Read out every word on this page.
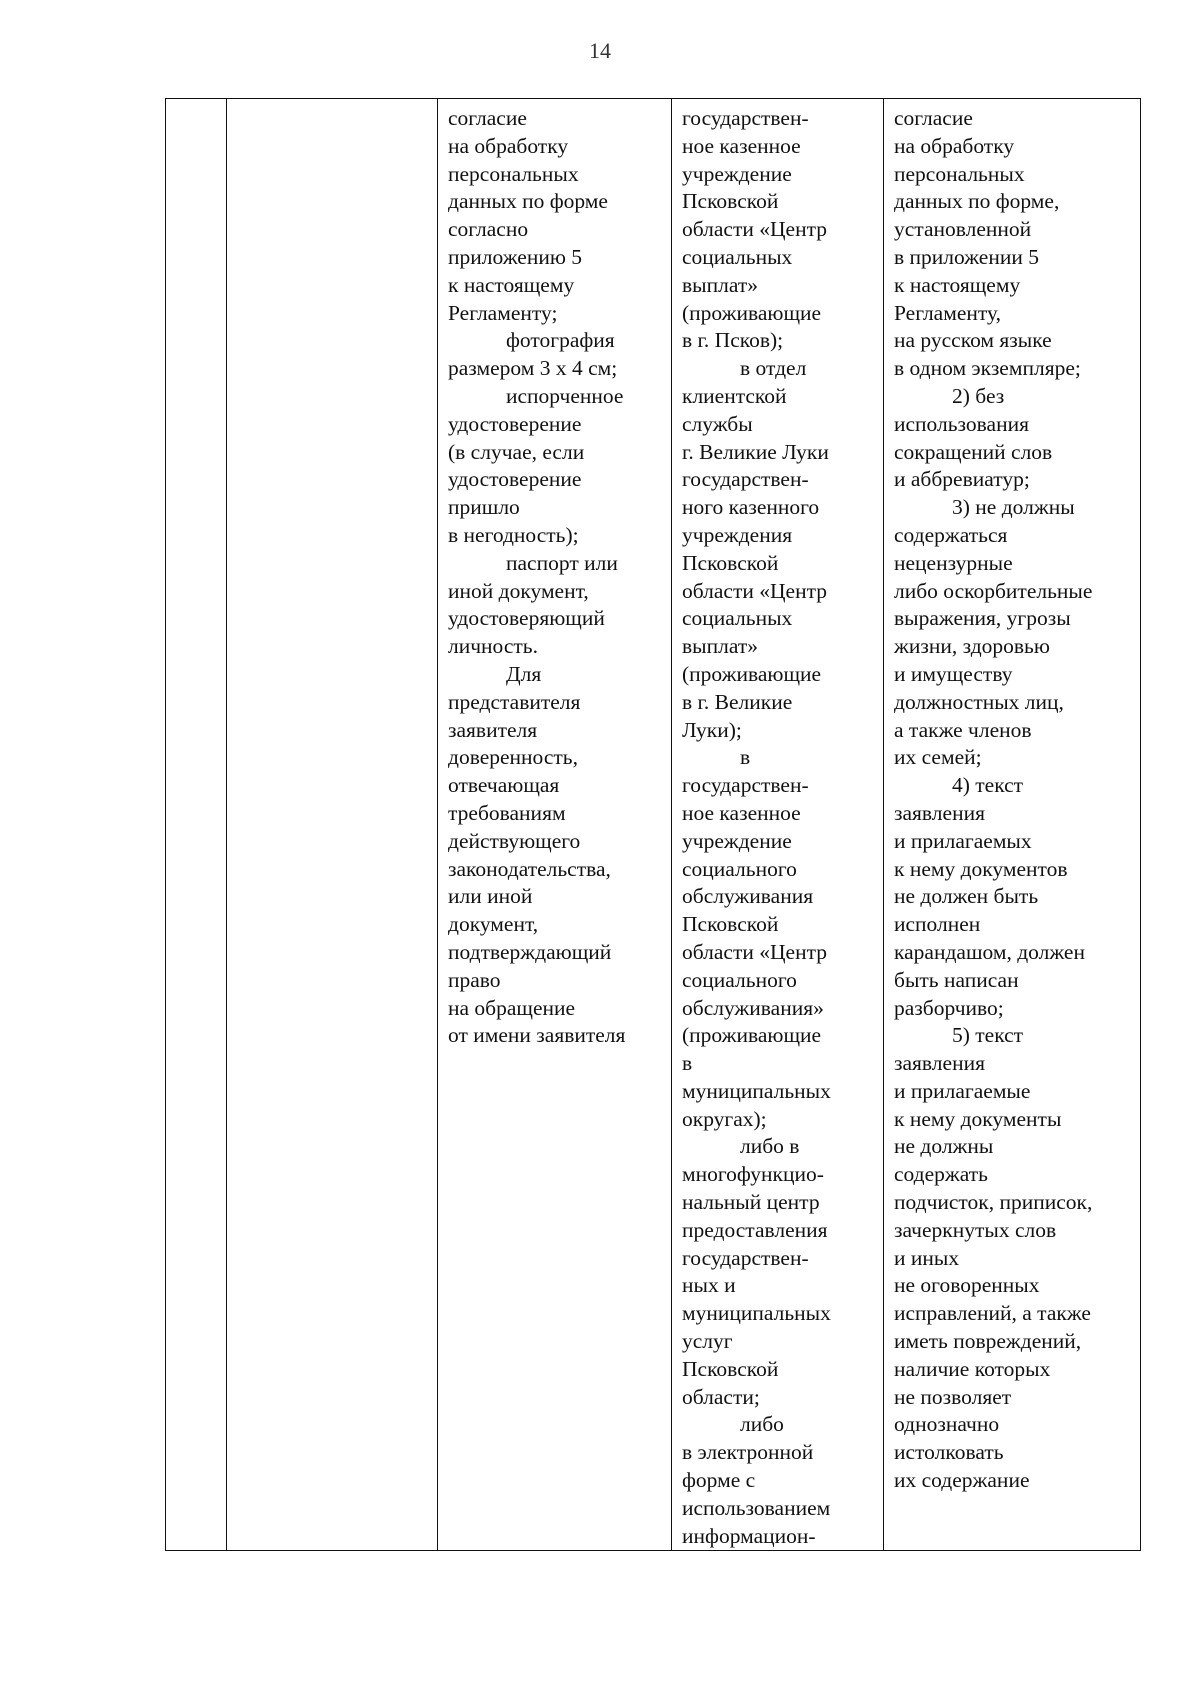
14

согласие
на обработку
персональных
данных по форме
согласно
приложению 5
к настоящему
Регламенту;
фотография
размером 3 х 4 см;
испорченное
удостоверение
(в случае, если
удостоверение
пришло
в негодность);
паспорт или
иной документ,
удостоверяющий
личность.
Для
представителя
заявителя
доверенность,
отвечающая
требованиям
действующего
законодательства,
или иной
документ,
подтверждающий
право
на обращение
от имени заявителя

государствен-
ное казенное
учреждение
Псковской
области «Центр
социальных
выплат»
(проживающие
в г. Псков);
в отдел
клиентской
службы
г. Великие Луки
государствен-
ного казенного
учреждения
Псковской
области «Центр
социальных
выплат»
(проживающие
в г. Великие
Луки);
в
государствен-
ное казенное
учреждение
социального
обслуживания
Псковской
области «Центр
социального
обслуживания»
(проживающие
в
муниципальных
округах);
либо в
многофункцио-
нальный центр
предоставления
государствен-
ных и
муниципальных
услуг
Псковской
области;
либо
в электронной
форме с
использованием
информацион-

согласие
на обработку
персональных
данных по форме,
установленной
в приложении 5
к настоящему
Регламенту,
на русском языке
в одном экземпляре;
2) без
использования
сокращений слов
и аббревиатур;
3) не должны
содержаться
нецензурные
либо оскорбительные
выражения, угрозы
жизни, здоровью
и имуществу
должностных лиц,
а также членов
их семей;
4) текст
заявления
и прилагаемых
к нему документов
не должен быть
исполнен
карандашом, должен
быть написан
разборчиво;
5) текст
заявления
и прилагаемые
к нему документы
не должны
содержать
подчисток, приписок,
зачеркнутых слов
и иных
не оговоренных
исправлений, а также
иметь повреждений,
наличие которых
не позволяет
однозначно
истолковать
их содержание
